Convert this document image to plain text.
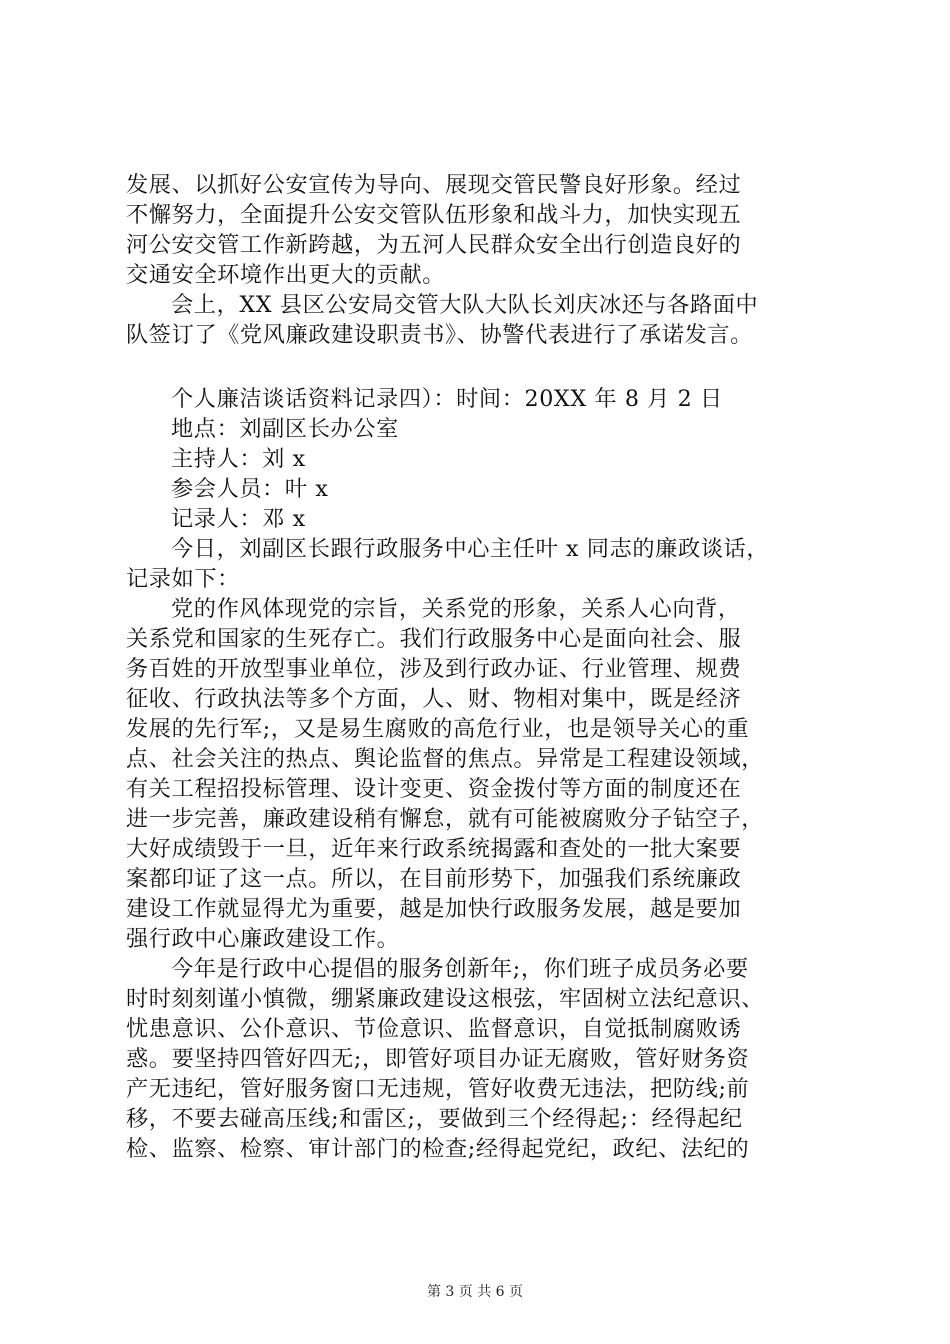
发展、以抓好公安宣传为导向、展现交管民警良好形象。经过
不懈努力，全面提升公安交管队伍形象和战斗力，加快实现五
河公安交管工作新跨越，为五河人民群众安全出行创造良好的
交通安全环境作出更大的贡献。
会上，XX 县区公安局交管大队大队长刘庆冰还与各路面中
队签订了《党风廉政建设职责书》、协警代表进行了承诺发言。
个人廉洁谈话资料记录四）：时间：20XX 年 8 月 2 日
地点：刘副区长办公室
主持人：刘 x
参会人员：叶 x
记录人：邓 x
今日，刘副区长跟行政服务中心主任叶 x 同志的廉政谈话，
记录如下：
党的作风体现党的宗旨，关系党的形象，关系人心向背，
关系党和国家的生死存亡。我们行政服务中心是面向社会、服
务百姓的开放型事业单位，涉及到行政办证、行业管理、规费
征收、行政执法等多个方面，人、财、物相对集中，既是经济
发展的先行军;，又是易生腐败的高危行业，也是领导关心的重
点、社会关注的热点、舆论监督的焦点。异常是工程建设领域，
有关工程招投标管理、设计变更、资金拨付等方面的制度还在
进一步完善，廉政建设稍有懈怠，就有可能被腐败分子钻空子，
大好成绩毁于一旦，近年来行政系统揭露和查处的一批大案要
案都印证了这一点。所以，在目前形势下，加强我们系统廉政
建设工作就显得尤为重要，越是加快行政服务发展，越是要加
强行政中心廉政建设工作。
今年是行政中心提倡的服务创新年;，你们班子成员务必要
时时刻刻谨小慎微，绷紧廉政建设这根弦，牢固树立法纪意识、
忧患意识、公仆意识、节俭意识、监督意识，自觉抵制腐败诱
惑。要坚持四管好四无;，即管好项目办证无腐败，管好财务资
产无违纪，管好服务窗口无违规，管好收费无违法，把防线;前
移，不要去碰高压线;和雷区;，要做到三个经得起;：经得起纪
检、监察、检察、审计部门的检查;经得起党纪，政纪、法纪的
第 3 页 共 6 页
